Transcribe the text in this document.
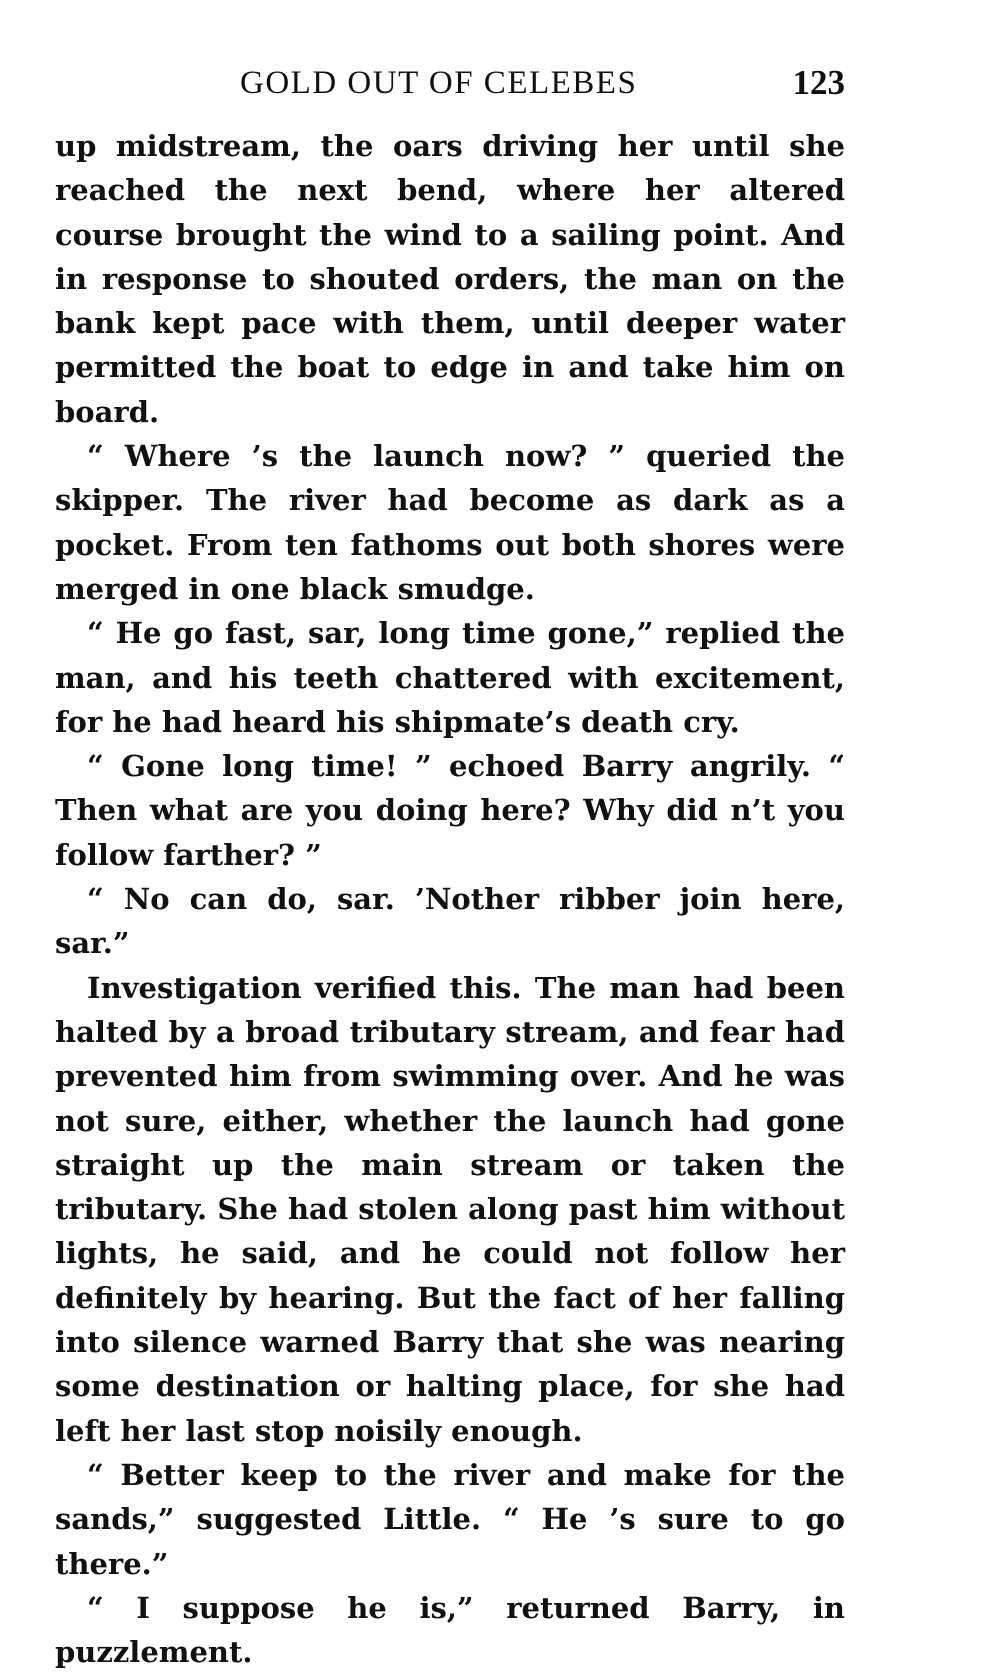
GOLD OUT OF CELEBES	123

up midstream, the oars driving her until she reached the next bend, where her altered course brought the wind to a sailing point. And in response to shouted orders, the man on the bank kept pace with them, until deeper water permitted the boat to edge in and take him on board.

“ Where ’s the launch now? ” queried the skipper. The river had become as dark as a pocket. From ten fathoms out both shores were merged in one black smudge.

“ He go fast, sar, long time gone,” replied the man, and his teeth chattered with excitement, for he had heard his shipmate’s death cry.

“ Gone long time! ” echoed Barry angrily. “ Then what are you doing here? Why did n’t you follow farther? ”

“ No can do, sar. ’Nother ribber join here, sar.”

Investigation verified this. The man had been halted by a broad tributary stream, and fear had prevented him from swimming over. And he was not sure, either, whether the launch had gone straight up the main stream or taken the tributary. She had stolen along past him without lights, he said, and he could not follow her definitely by hearing. But the fact of her falling into silence warned Barry that she was nearing some destination or halting place, for she had left her last stop noisily enough.

“ Better keep to the river and make for the sands,” suggested Little. “ He ’s sure to go there.”

“ I suppose he is,” returned Barry, in puzzlement.
